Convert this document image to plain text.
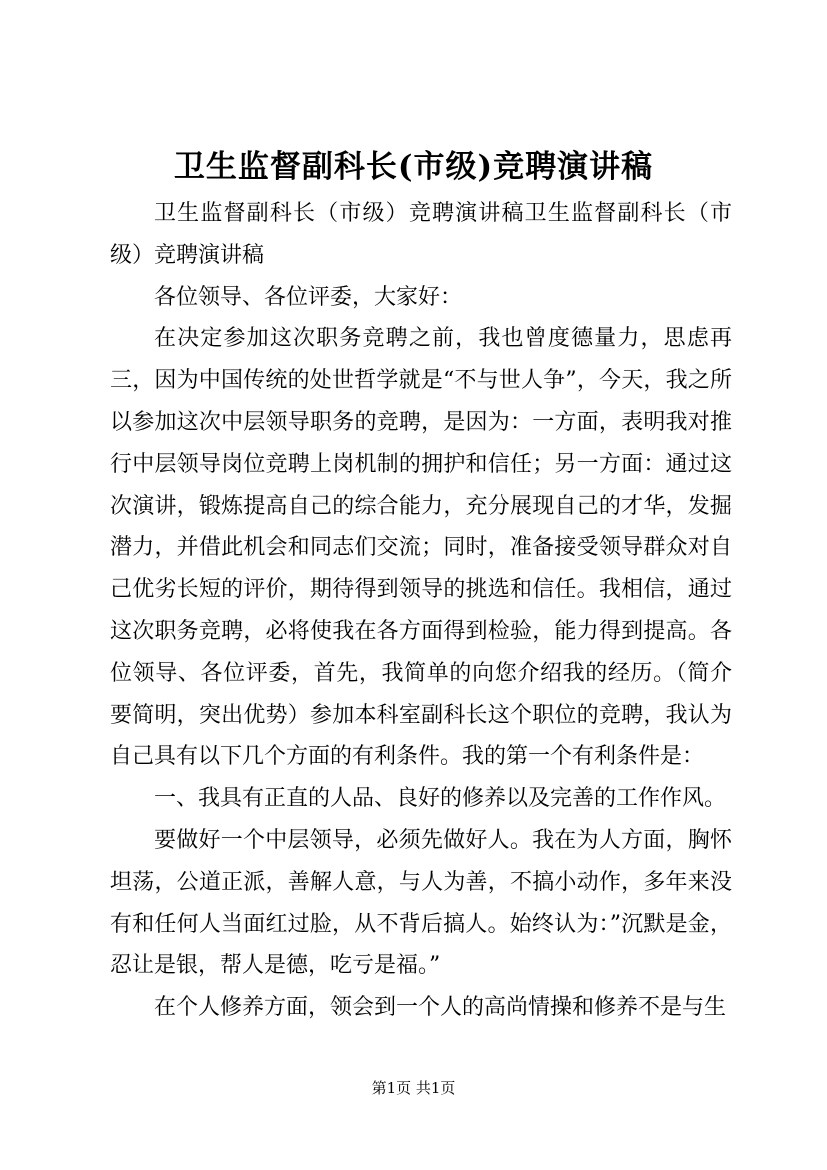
卫生监督副科长(市级)竞聘演讲稿

卫生监督副科长（市级）竞聘演讲稿卫生监督副科长（市级）竞聘演讲稿

各位领导、各位评委，大家好：

在决定参加这次职务竞聘之前，我也曾度德量力，思虑再三，因为中国传统的处世哲学就是“不与世人争”，今天，我之所以参加这次中层领导职务的竞聘，是因为：一方面，表明我对推行中层领导岗位竞聘上岗机制的拥护和信任；另一方面：通过这次演讲，锻炼提高自己的综合能力，充分展现自己的才华，发掘潜力，并借此机会和同志们交流；同时，准备接受领导群众对自己优劣长短的评价，期待得到领导的挑选和信任。我相信，通过这次职务竞聘，必将使我在各方面得到检验，能力得到提高。各位领导、各位评委，首先，我简单的向您介绍我的经历。（简介要简明，突出优势）参加本科室副科长这个职位的竞聘，我认为自己具有以下几个方面的有利条件。我的第一个有利条件是：

一、我具有正直的人品、良好的修养以及完善的工作作风。

要做好一个中层领导，必须先做好人。我在为人方面，胸怀坦荡，公道正派，善解人意，与人为善，不搞小动作，多年来没有和任何人当面红过脸，从不背后搞人。始终认为：”沉默是金，忍让是银，帮人是德，吃亏是福。”

在个人修养方面，领会到一个人的高尚情操和修养不是与生

第1页 共1页
